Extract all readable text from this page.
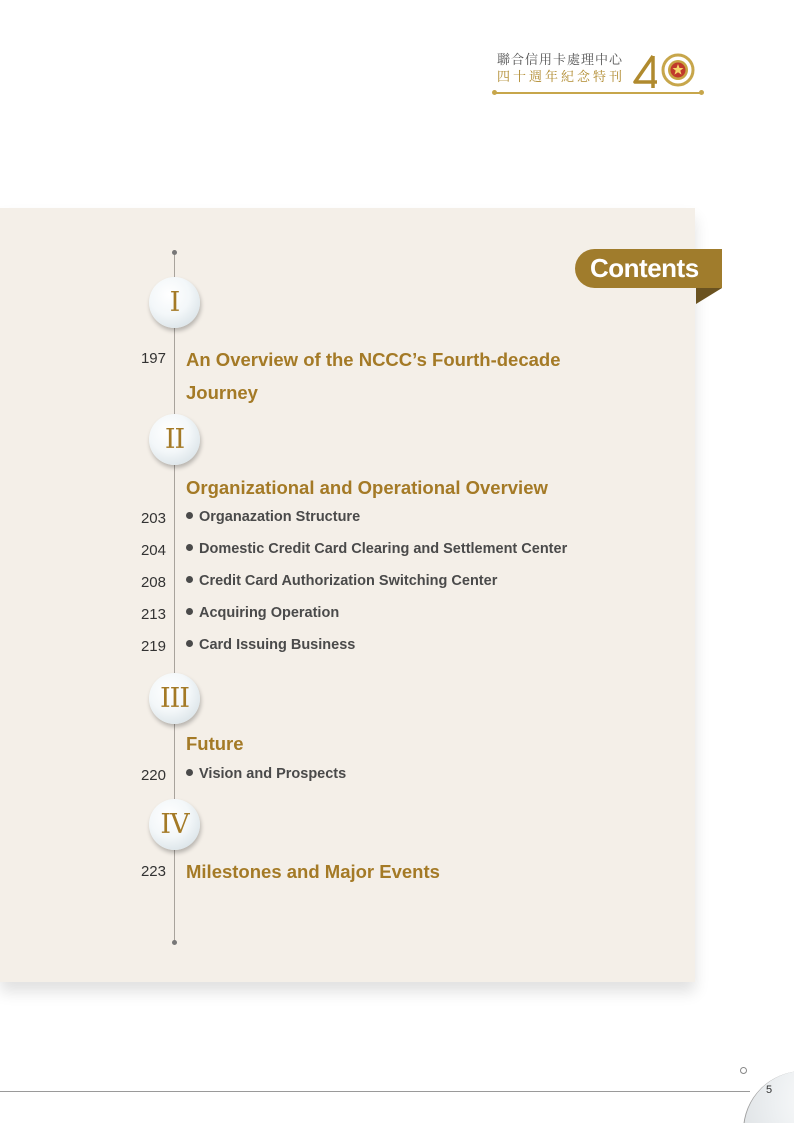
聯合信用卡處理中心
四十週年紀念特刊
Contents
I
197 An Overview of the NCCC’s Fourth-decade
Journey
II
Organizational and Operational Overview
203	Organazation Structure
204	Domestic Credit Card Clearing and Settlement Center
208	Credit Card Authorization Switching Center
213	Acquiring Operation
219	Card Issuing Business
III
Future
220	Vision and Prospects
IV
223 Milestones and Major Events
5
